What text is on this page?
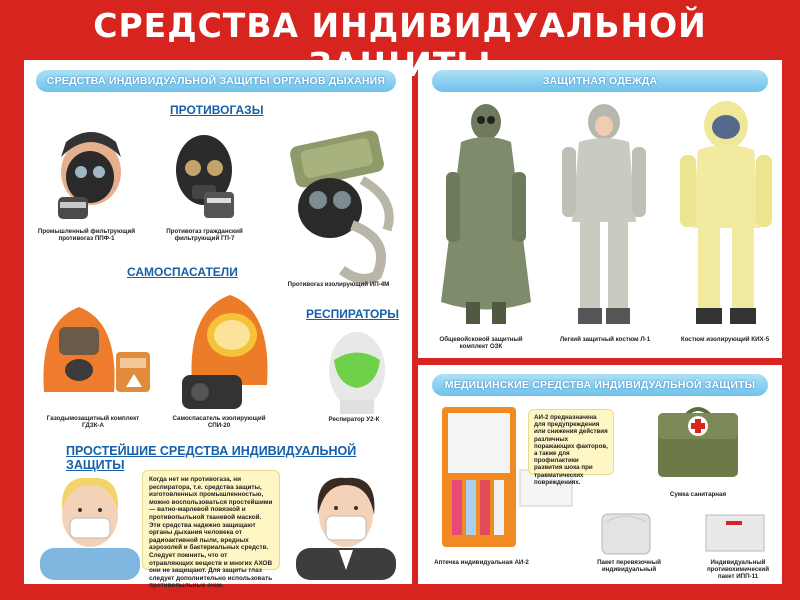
СРЕДСТВА ИНДИВИДУАЛЬНОЙ
СРЕДСТВА ИНДИВИДУАЛЬНОЙ ЗАЩИТЫ ОРГАНОВ ДЫХАНИЯ
ПРОТИВОГАЗЫ
Промышленный фильтрующий противогаз ППФ-1
Противогаз гражданский фильтрующий ГП-7
Противогаз изолирующий ИП-4М
САМОСПАСАТЕЛИ
Газодымозащитный комплект ГДЗК-А
Самоспасатель изолирующий СПИ-20
РЕСПИРАТОРЫ
Респиратор У2-К
ПРОСТЕЙШИЕ СРЕДСТВА ИНДИВИДУАЛЬНОЙ ЗАЩИТЫ
Когда нет ни противогаза, ни респиратора, т.е. средства защиты, изготовленных промышленностью, можно воспользоваться простейшими — ватно-марлевой повязкой и противопыльной тканевой маской. Эти средства надежно защищают органы дыхания человека от радиоактивной пыли, вредных аэрозолей и бактериальных средств. Следует помнить, что от отравляющих веществ и многих АХОВ они не защищают. Для защиты глаз следует дополнительно использовать противопыльные очки.
ЗАЩИТНАЯ ОДЕЖДА
Общевойсковой защитный комплект ОЗК
Легкий защитный костюм Л-1	Костюм изолирующий КИХ-5
МЕДИЦИНСКИЕ СРЕДСТВА ИНДИВИДУАЛЬНОЙ ЗАЩИТЫ
Аптечка индивидуальная АИ-2
АИ-2 предназначена для предупреждения или снижения действия различных поражающих факторов, а также для профилактики развития шока при травматических повреждениях.
Сумка санитарная
Пакет перевязочный индивидуальный
Индивидуальный противохимический пакет ИПП-11
